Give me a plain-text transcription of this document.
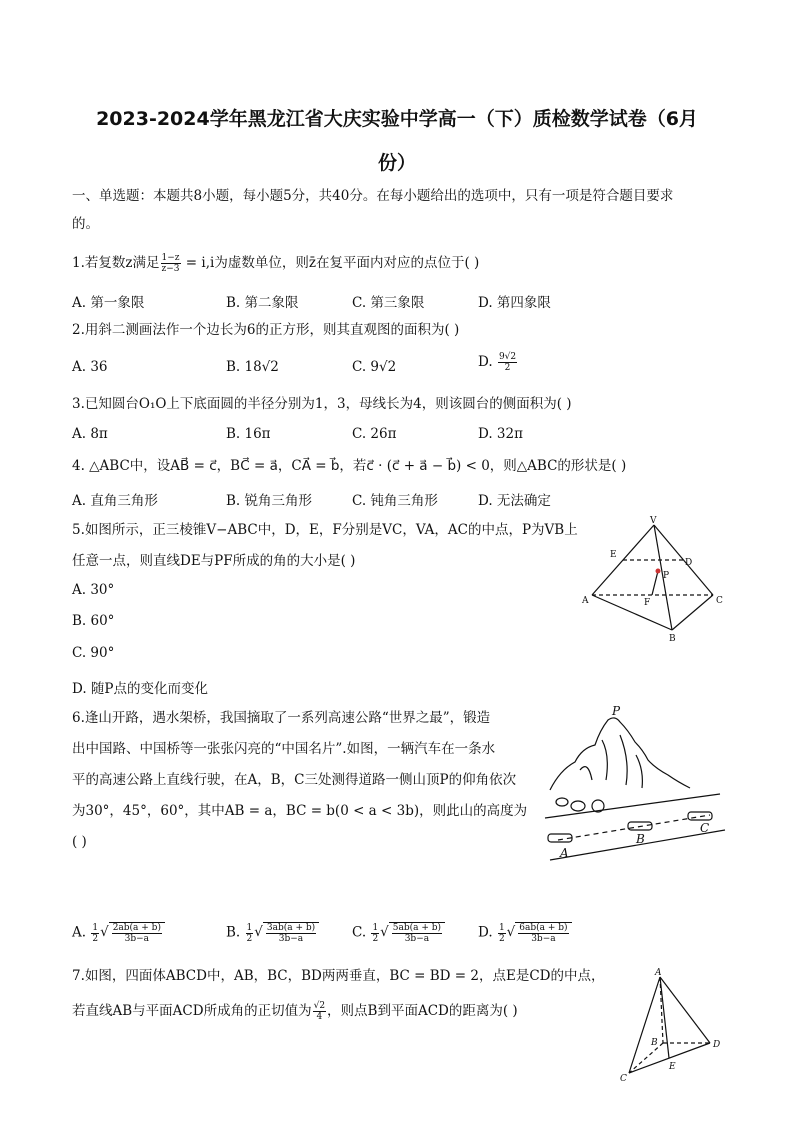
2023-2024学年黑龙江省大庆实验中学高一（下）质检数学试卷（6月
份）
一、单选题：本题共8小题，每小题5分，共40分。在每小题给出的选项中，只有一项是符合题目要求
的。
1.若复数z满足 $\frac{1-z}{z-3} = i,i$为虚数单位，则z̄在复平面内对应的点位于( )
A. 第一象限	B. 第二象限	C. 第三象限	D. 第四象限
2.用斜二测画法作一个边长为6的正方形，则其直观图的面积为( )
A. 36	B. 18√2	C. 9√2	D. $\frac{9√2}{2}$
3.已知圆台O₁O上下底面圆的半径分别为1，3，母线长为4，则该圆台的侧面积为( )
A. 8π	B. 16π	C. 26π	D. 32π
4. △ABC中，设AB⃗ = c⃗，BC⃗ = a⃗，CA⃗ = b⃗，若c⃗ · (c⃗ + a⃗ − b⃗) < 0，则△ABC的形状是( )
A. 直角三角形	B. 锐角三角形	C. 钝角三角形	D. 无法确定
5.如图所示，正三棱锥V−ABC中，D，E，F分别是VC，VA，AC的中点，P为VB上
任意一点，则直线DE与PF所成的角的大小是( )
A. 30°
B. 60°
C. 90°
D. 随P点的变化而变化
V
E
D
P
A	F	C
B
6.逢山开路，遇水架桥，我国摘取了一系列高速公路“世界之最”，锻造
出中国路、中国桥等一张张闪亮的“中国名片”.如图，一辆汽车在一条水
平的高速公路上直线行驶，在A，B，C三处测得道路一侧山顶P的仰角依次
为30°，45°，60°，其中AB = a，BC = b(0 < a < 3b)，则此山的高度为
( )
A. $\frac{1}{2}$ √ $\frac{2ab(a + b)}{3b-a}$	B. $\frac{1}{2}$ √ $\frac{3ab(a + b)}{3b-a}$	C. $\frac{1}{2}$ √ $\frac{5ab(a + b)}{3b-a}$	D. $\frac{1}{2}$ √ $\frac{6ab(a + b)}{3b-a}$
P
A
B
C
7.如图，四面体ABCD中，AB，BC，BD两两垂直，BC = BD = 2，点E是CD的中点，
若直线AB与平面ACD所成角的正切值为 $\frac{√2}{4}$ ，则点B到平面ACD的距离为( )
A
B
C
D
E
